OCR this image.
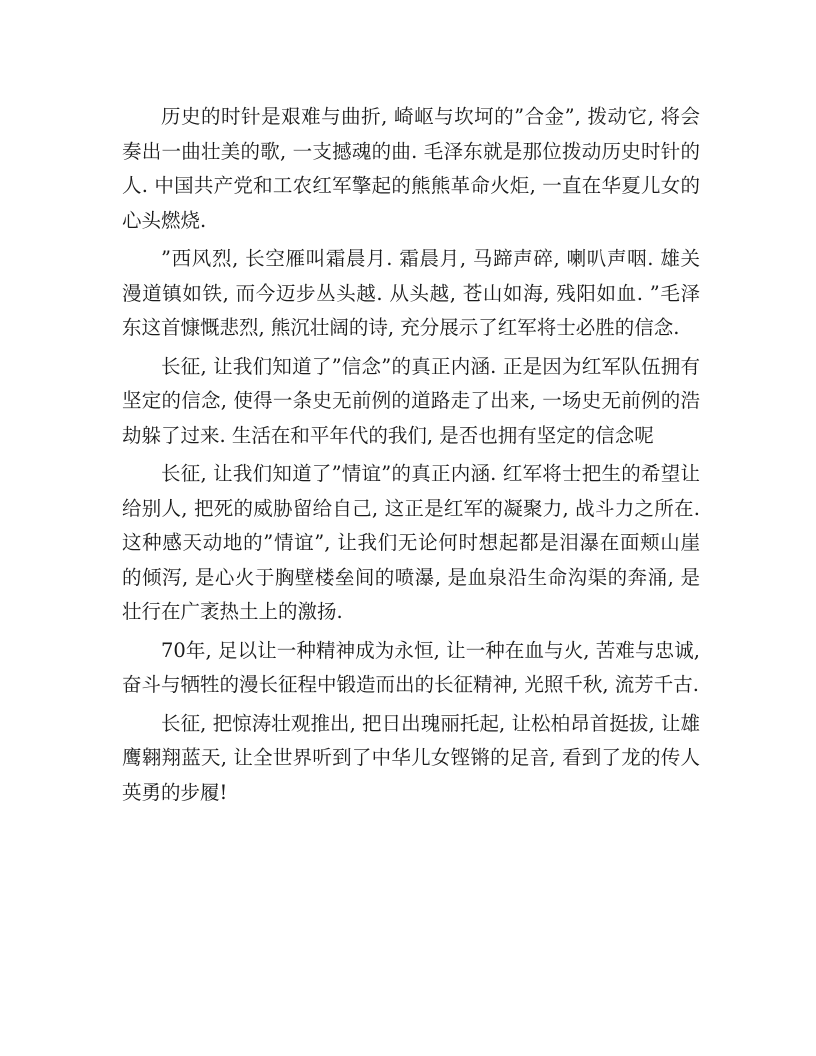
历史的时针是艰难与曲折, 崎岖与坎坷的”合金”, 拨动它, 将会奏出一曲壮美的歌, 一支撼魂的曲. 毛泽东就是那位拨动历史时针的人. 中国共产党和工农红军擎起的熊熊革命火炬, 一直在华夏儿女的心头燃烧.

”西风烈, 长空雁叫霜晨月. 霜晨月, 马蹄声碎, 喇叭声咽. 雄关漫道镇如铁, 而今迈步丛头越. 从头越, 苍山如海, 残阳如血. ”毛泽东这首慷慨悲烈, 熊沉壮阔的诗, 充分展示了红军将士必胜的信念.

长征, 让我们知道了”信念”的真正内涵. 正是因为红军队伍拥有坚定的信念, 使得一条史无前例的道路走了出来, 一场史无前例的浩劫躲了过来. 生活在和平年代的我们, 是否也拥有坚定的信念呢

长征, 让我们知道了”情谊”的真正内涵. 红军将士把生的希望让给别人, 把死的威胁留给自己, 这正是红军的凝聚力, 战斗力之所在. 这种感天动地的”情谊”, 让我们无论何时想起都是泪瀑在面颊山崖的倾泻, 是心火于胸壁楼垒间的喷瀑, 是血泉沿生命沟渠的奔涌, 是壮行在广袤热土上的激扬.

70年, 足以让一种精神成为永恒, 让一种在血与火, 苦难与忠诚, 奋斗与牺牲的漫长征程中锻造而出的长征精神, 光照千秋, 流芳千古.

长征, 把惊涛壮观推出, 把日出瑰丽托起, 让松柏昂首挺拔, 让雄鹰翱翔蓝天, 让全世界听到了中华儿女铿锵的足音, 看到了龙的传人英勇的步履!
